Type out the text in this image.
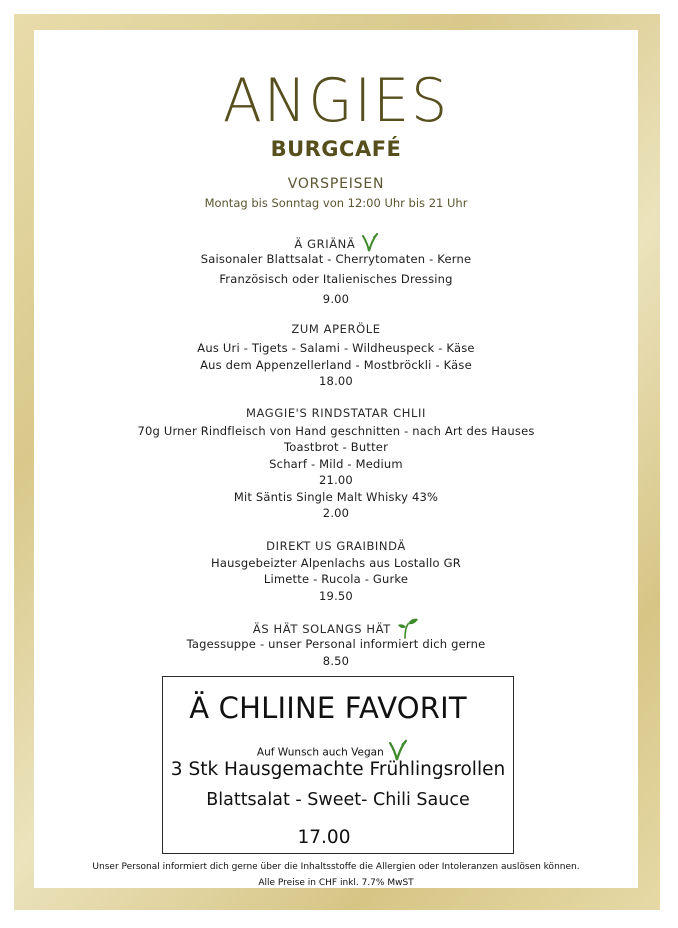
ANGIES
BURGCAFÉ
VORSPEISEN
Montag bis Sonntag von 12:00 Uhr bis 21 Uhr
Ä GRIÄNÄ
Saisonaler Blattsalat - Cherrytomaten - Kerne
Französisch oder Italienisches Dressing
9.00
ZUM APERÖLE
Aus Uri - Tigets - Salami - Wildheuspeck - Käse
Aus dem Appenzellerland - Mostbröckli - Käse
18.00
MAGGIE'S RINDSTATAR CHLII
70g Urner Rindfleisch von Hand geschnitten - nach Art des Hauses
Toastbrot - Butter
Scharf - Mild - Medium
21.00
Mit Säntis Single Malt Whisky 43%
2.00
DIREKT US GRAIBINDÄ
Hausgebeizter Alpenlachs aus Lostallo GR
Limette - Rucola - Gurke
19.50
ÄS HÄT SOLANGS HÄT
Tagessuppe - unser Personal informiert dich gerne
8.50
Ä CHLIINE FAVORIT
Auf Wunsch auch Vegan
3 Stk Hausgemachte Frühlingsrollen
Blattsalat - Sweet- Chili Sauce
17.00
Unser Personal informiert dich gerne über die Inhaltsstoffe die Allergien oder Intoleranzen auslösen können.
Alle Preise in CHF inkl. 7.7% MwST
